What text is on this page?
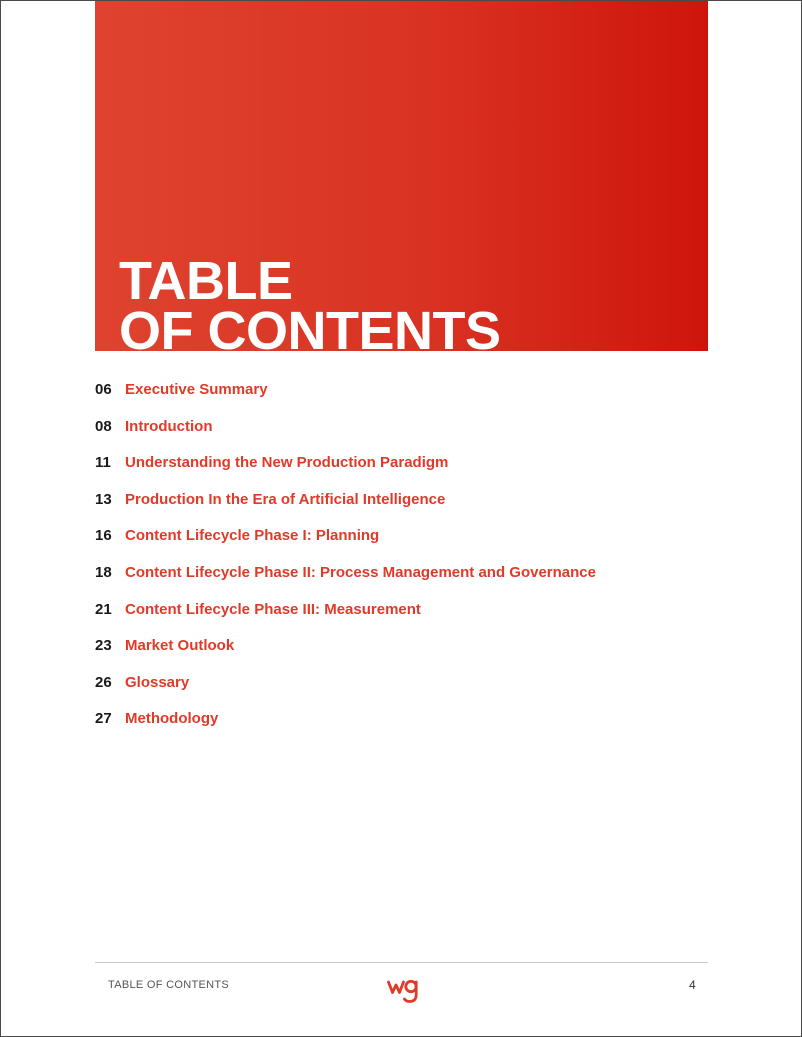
TABLE
OF CONTENTS
06 Executive Summary
08 Introduction
11 Understanding the New Production Paradigm
13 Production In the Era of Artificial Intelligence
16 Content Lifecycle Phase I: Planning
18 Content Lifecycle Phase II: Process Management and Governance
21 Content Lifecycle Phase III: Measurement
23 Market Outlook
26 Glossary
27 Methodology
TABLE OF CONTENTS	4
